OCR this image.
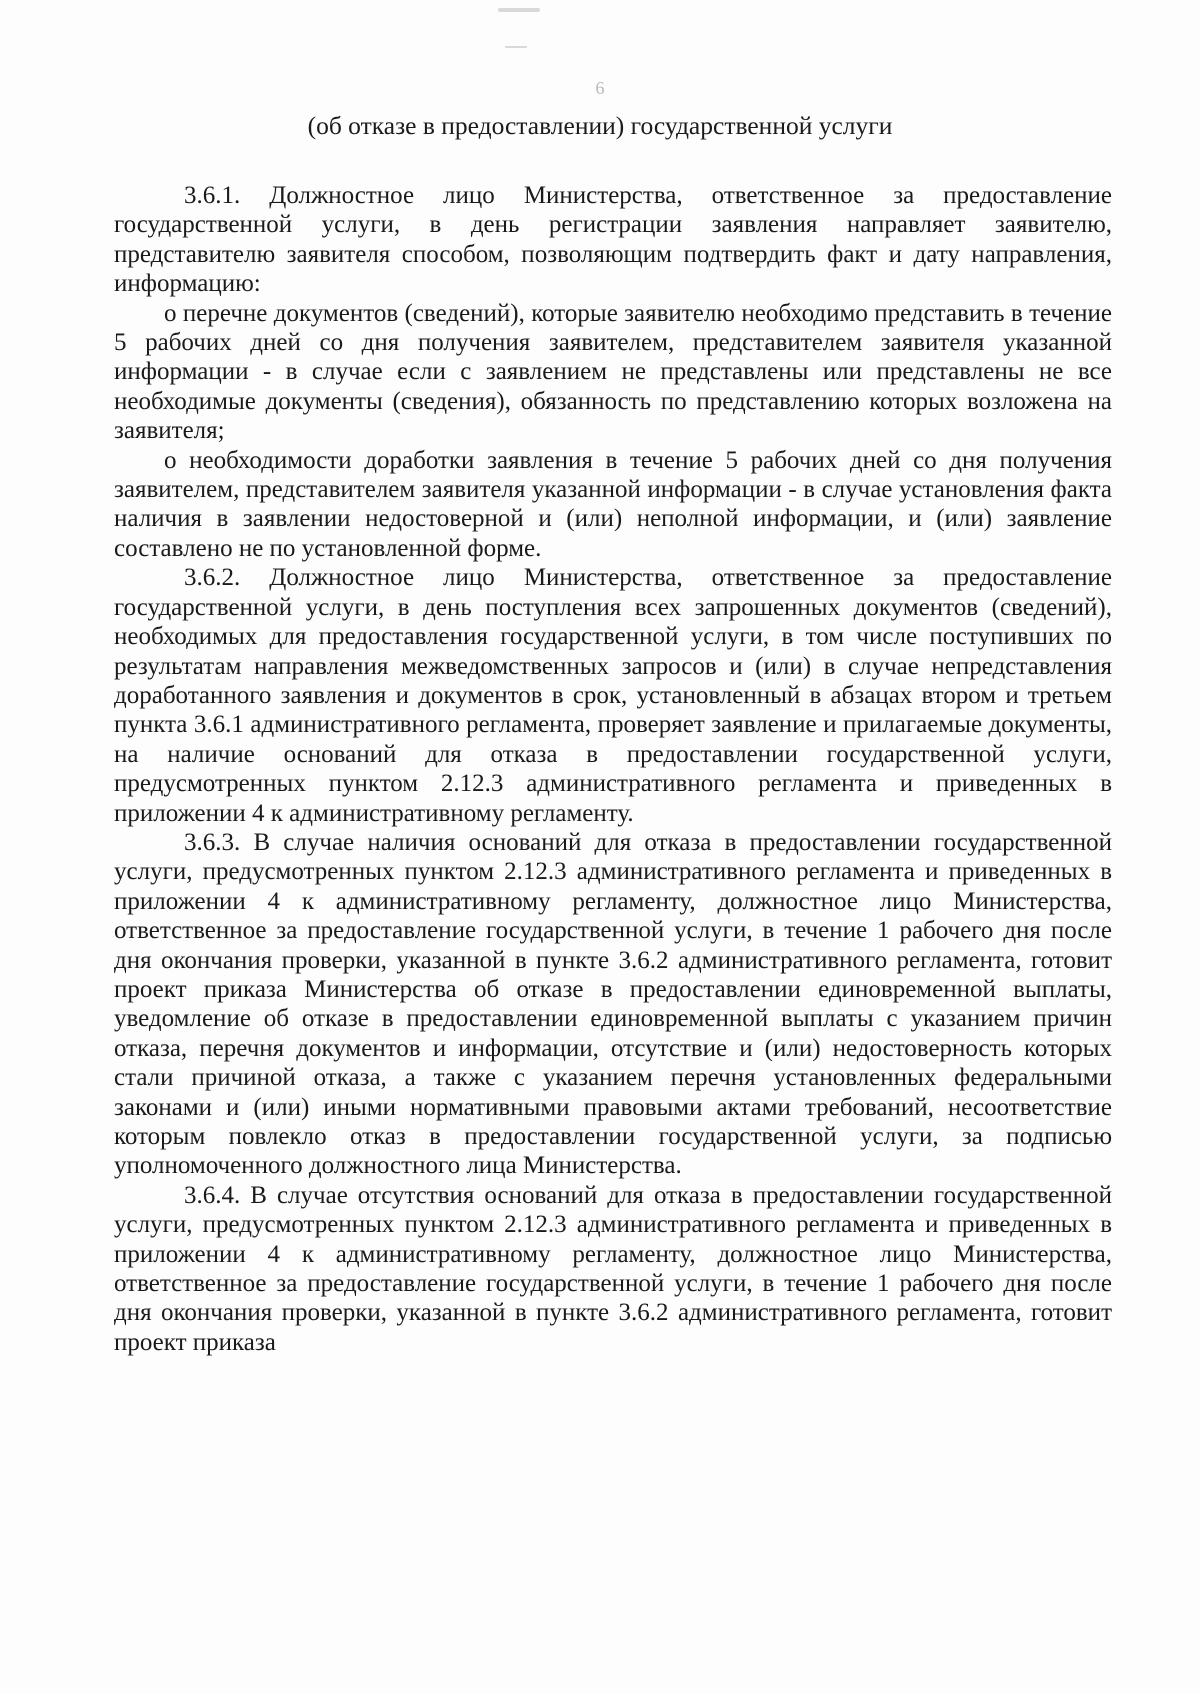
6
(об отказе в предоставлении) государственной услуги

3.6.1. Должностное лицо Министерства, ответственное за предоставление государственной услуги, в день регистрации заявления направляет заявителю, представителю заявителя способом, позволяющим подтвердить факт и дату направления, информацию:

о перечне документов (сведений), которые заявителю необходимо представить в течение 5 рабочих дней со дня получения заявителем, представителем заявителя указанной информации - в случае если с заявлением не представлены или представлены не все необходимые документы (сведения), обязанность по представлению которых возложена на заявителя;

о необходимости доработки заявления в течение 5 рабочих дней со дня получения заявителем, представителем заявителя указанной информации - в случае установления факта наличия в заявлении недостоверной и (или) неполной информации, и (или) заявление составлено не по установленной форме.

3.6.2. Должностное лицо Министерства, ответственное за предоставление государственной услуги, в день поступления всех запрошенных документов (сведений), необходимых для предоставления государственной услуги, в том числе поступивших по результатам направления межведомственных запросов и (или) в случае непредставления доработанного заявления и документов в срок, установленный в абзацах втором и третьем пункта 3.6.1 административного регламента, проверяет заявление и прилагаемые документы, на наличие оснований для отказа в предоставлении государственной услуги, предусмотренных пунктом 2.12.3 административного регламента и приведенных в приложении 4 к административному регламенту.

3.6.3. В случае наличия оснований для отказа в предоставлении государственной услуги, предусмотренных пунктом 2.12.3 административного регламента и приведенных в приложении 4 к административному регламенту, должностное лицо Министерства, ответственное за предоставление государственной услуги, в течение 1 рабочего дня после дня окончания проверки, указанной в пункте 3.6.2 административного регламента, готовит проект приказа Министерства об отказе в предоставлении единовременной выплаты, уведомление об отказе в предоставлении единовременной выплаты с указанием причин отказа, перечня документов и информации, отсутствие и (или) недостоверность которых стали причиной отказа, а также с указанием перечня установленных федеральными законами и (или) иными нормативными правовыми актами требований, несоответствие которым повлекло отказ в предоставлении государственной услуги, за подписью уполномоченного должностного лица Министерства.

3.6.4. В случае отсутствия оснований для отказа в предоставлении государственной услуги, предусмотренных пунктом 2.12.3 административного регламента и приведенных в приложении 4 к административному регламенту, должностное лицо Министерства, ответственное за предоставление государственной услуги, в течение 1 рабочего дня после дня окончания проверки, указанной в пункте 3.6.2 административного регламента, готовит проект приказа
